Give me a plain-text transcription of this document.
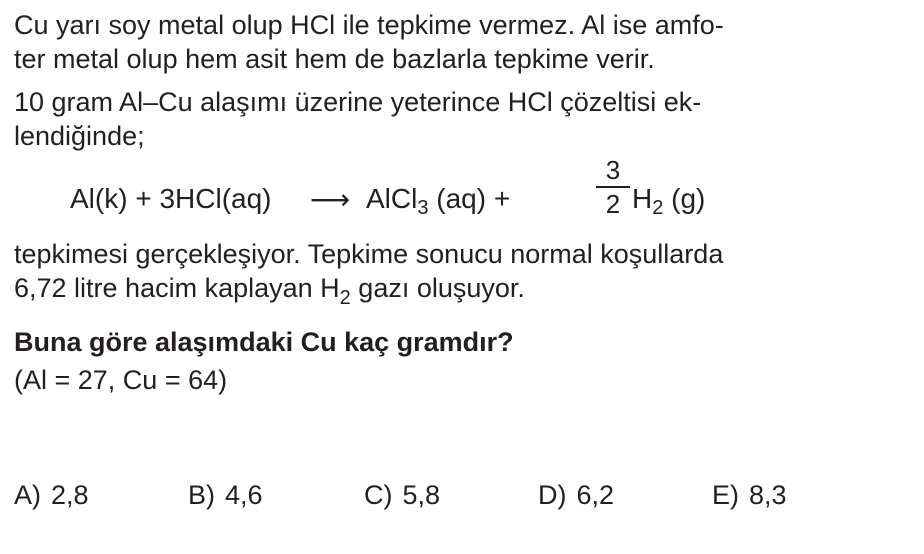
Cu yarı soy metal olup HCl ile tepkime vermez. Al ise amfo-
ter metal olup hem asit hem de bazlarla tepkime verir.

10 gram Al–Cu alaşımı üzerine yeterince HCl çözeltisi ek-
lendiğinde;

Al(k) + 3HCl(aq) ⟶ AlCl$_3$ (aq) +
3
2 $H_2$ (g)

tepkimesi gerçekleşiyor. Tepkime sonucu normal koşullarda
6,72 litre hacim kaplayan $H_2$ gazı oluşuyor.

Buna göre alaşımdaki Cu kaç gramdır?
(Al = 27, Cu = 64)
A) 2,8	B) 4,6	C) 5,8	D) 6,2	E) 8,3
